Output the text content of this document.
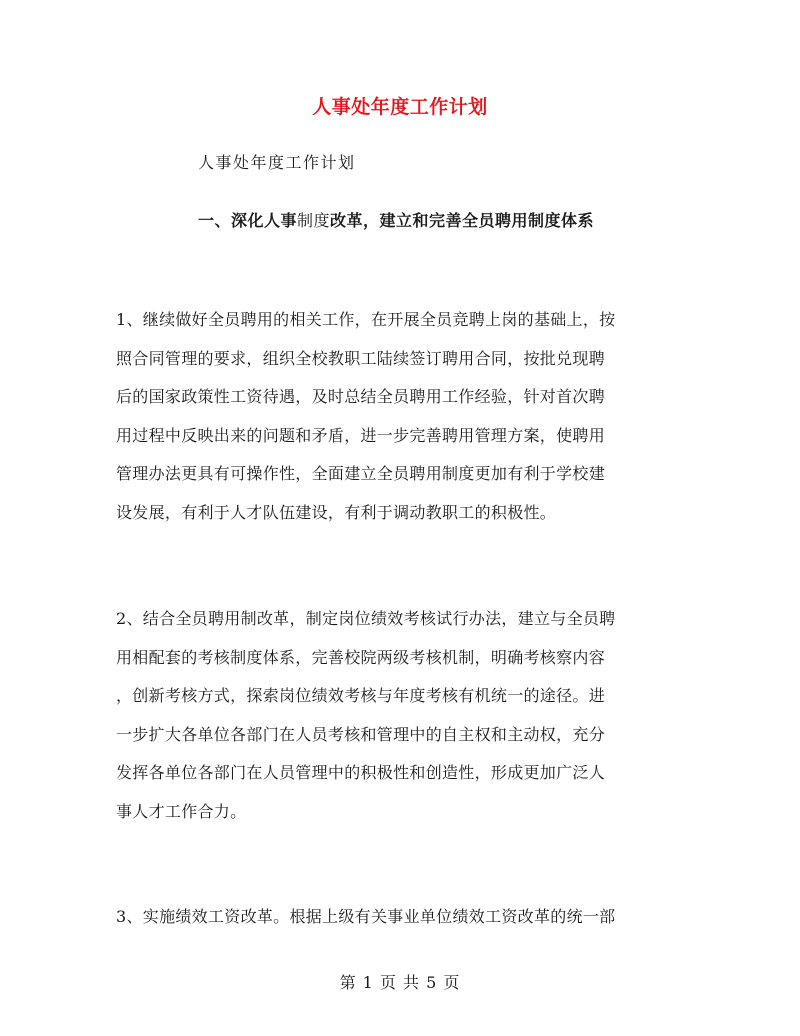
人事处年度工作计划
人事处年度工作计划
一、深化人事制度改革，建立和完善全员聘用制度体系

1、继续做好全员聘用的相关工作，在开展全员竞聘上岗的基础上，按
照合同管理的要求，组织全校教职工陆续签订聘用合同，按批兑现聘
后的国家政策性工资待遇，及时总结全员聘用工作经验，针对首次聘
用过程中反映出来的问题和矛盾，进一步完善聘用管理方案，使聘用
管理办法更具有可操作性，全面建立全员聘用制度更加有利于学校建
设发展，有利于人才队伍建设，有利于调动教职工的积极性。

2、结合全员聘用制改革，制定岗位绩效考核试行办法，建立与全员聘
用相配套的考核制度体系，完善校院两级考核机制，明确考核察内容
，创新考核方式，探索岗位绩效考核与年度考核有机统一的途径。进
一步扩大各单位各部门在人员考核和管理中的自主权和主动权，充分
发挥各单位各部门在人员管理中的积极性和创造性，形成更加广泛人
事人才工作合力。

3、实施绩效工资改革。根据上级有关事业单位绩效工资改革的统一部

第 1 页 共 5 页
